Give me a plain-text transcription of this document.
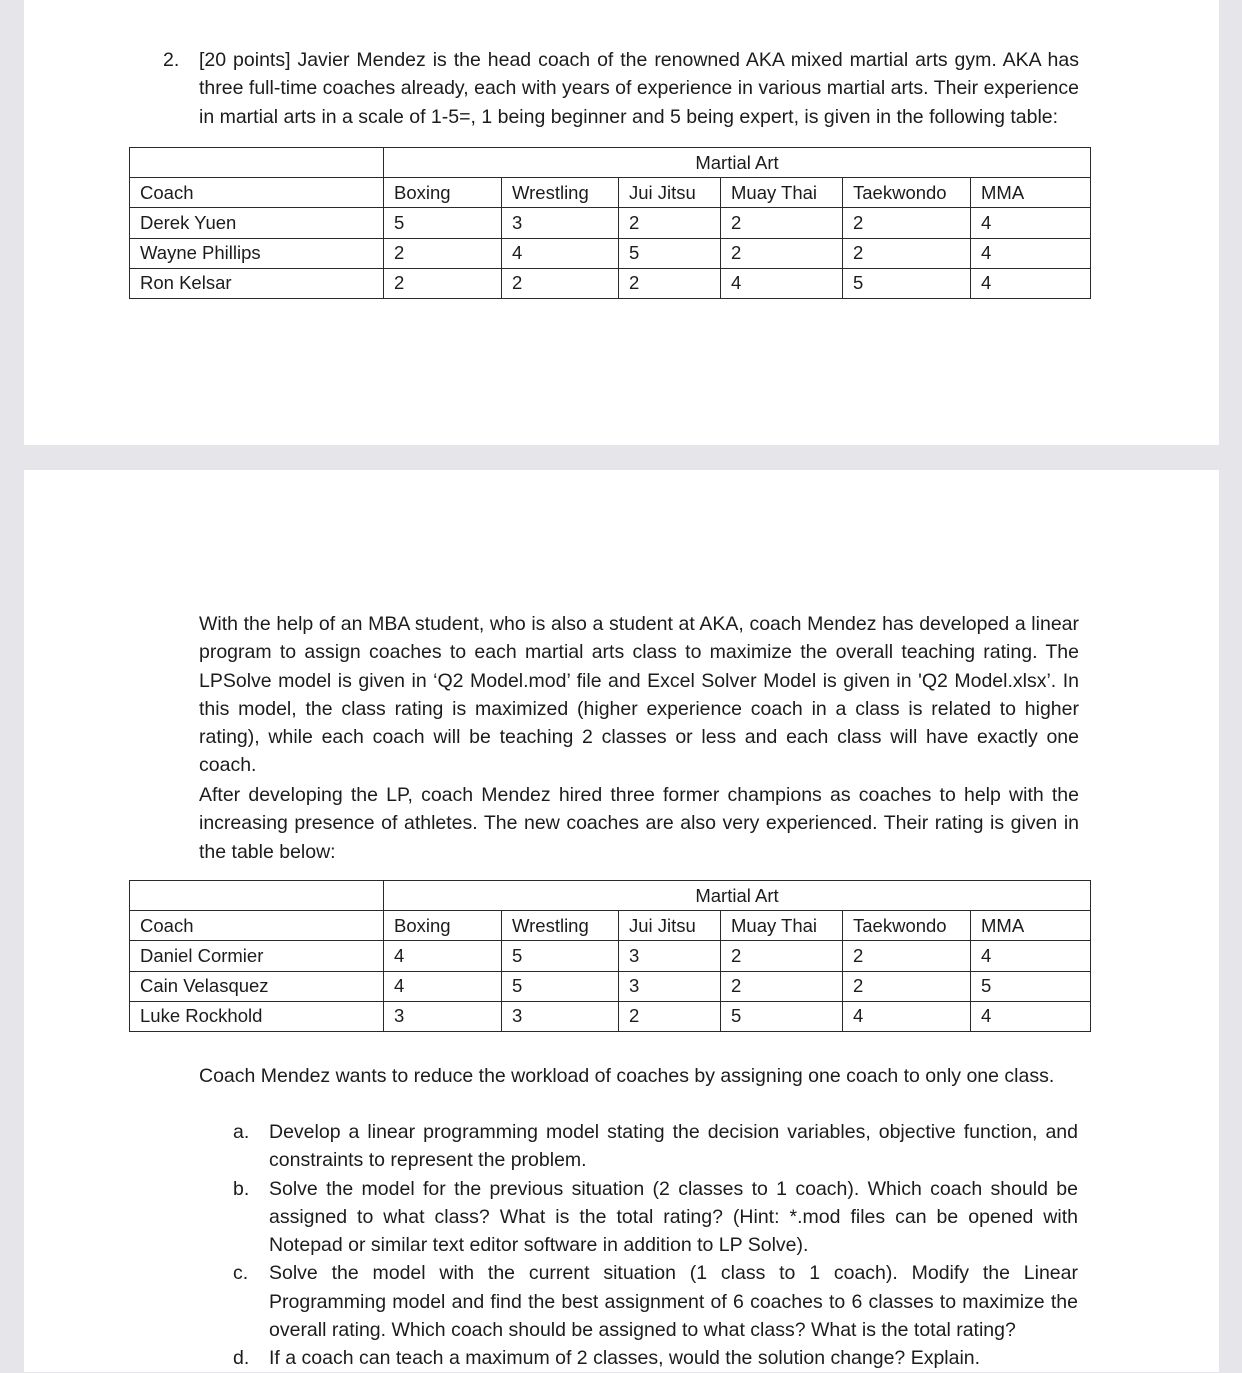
2. [20 points] Javier Mendez is the head coach of the renowned AKA mixed martial arts gym. AKA has
three full-time coaches already, each with years of experience in various martial arts. Their experience
in martial arts in a scale of 1-5=, 1 being beginner and 5 being expert, is given in the following table:
	Martial Art					
Coach	Boxing	Wrestling	Jui Jitsu	Muay Thai	Taekwondo	MMA
Derek Yuen	5	3	2	2	2	4
Wayne Phillips	2	4	5	2	2	4
Ron Kelsar	2	2	2	4	5	4
With the help of an MBA student, who is also a student at AKA, coach Mendez has developed a linear program to assign coaches to each martial arts class to maximize the overall teaching rating. The LPSolve model is given in ‘Q2 Model.mod’ file and Excel Solver Model is given in 'Q2 Model.xlsx’. In this model, the class rating is maximized (higher experience coach in a class is related to higher rating), while each coach will be teaching 2 classes or less and each class will have exactly one coach.
After developing the LP, coach Mendez hired three former champions as coaches to help with the increasing presence of athletes. The new coaches are also very experienced. Their rating is given in the table below:
	Martial Art					
Coach	Boxing	Wrestling	Jui Jitsu	Muay Thai	Taekwondo	MMA
Daniel Cormier	4	5	3	2	2	4
Cain Velasquez	4	5	3	2	2	5
Luke Rockhold	3	3	2	5	4	4
Coach Mendez wants to reduce the workload of coaches by assigning one coach to only one class.
a. Develop a linear programming model stating the decision variables, objective function, and constraints to represent the problem.
b. Solve the model for the previous situation (2 classes to 1 coach). Which coach should be assigned to what class? What is the total rating? (Hint: *.mod files can be opened with Notepad or similar text editor software in addition to LP Solve).
c. Solve the model with the current situation (1 class to 1 coach). Modify the Linear Programming model and find the best assignment of 6 coaches to 6 classes to maximize the overall rating. Which coach should be assigned to what class? What is the total rating?
d. If a coach can teach a maximum of 2 classes, would the solution change? Explain.
